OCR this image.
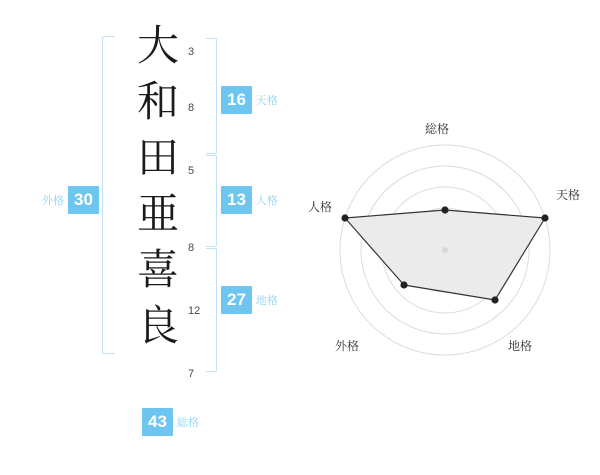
大
和
田
亜
喜
良
3
8
5
8
12
7
30
外格
16 天格
13 人格
27 地格
43 総格
総格
天格
地格
外格
人格
